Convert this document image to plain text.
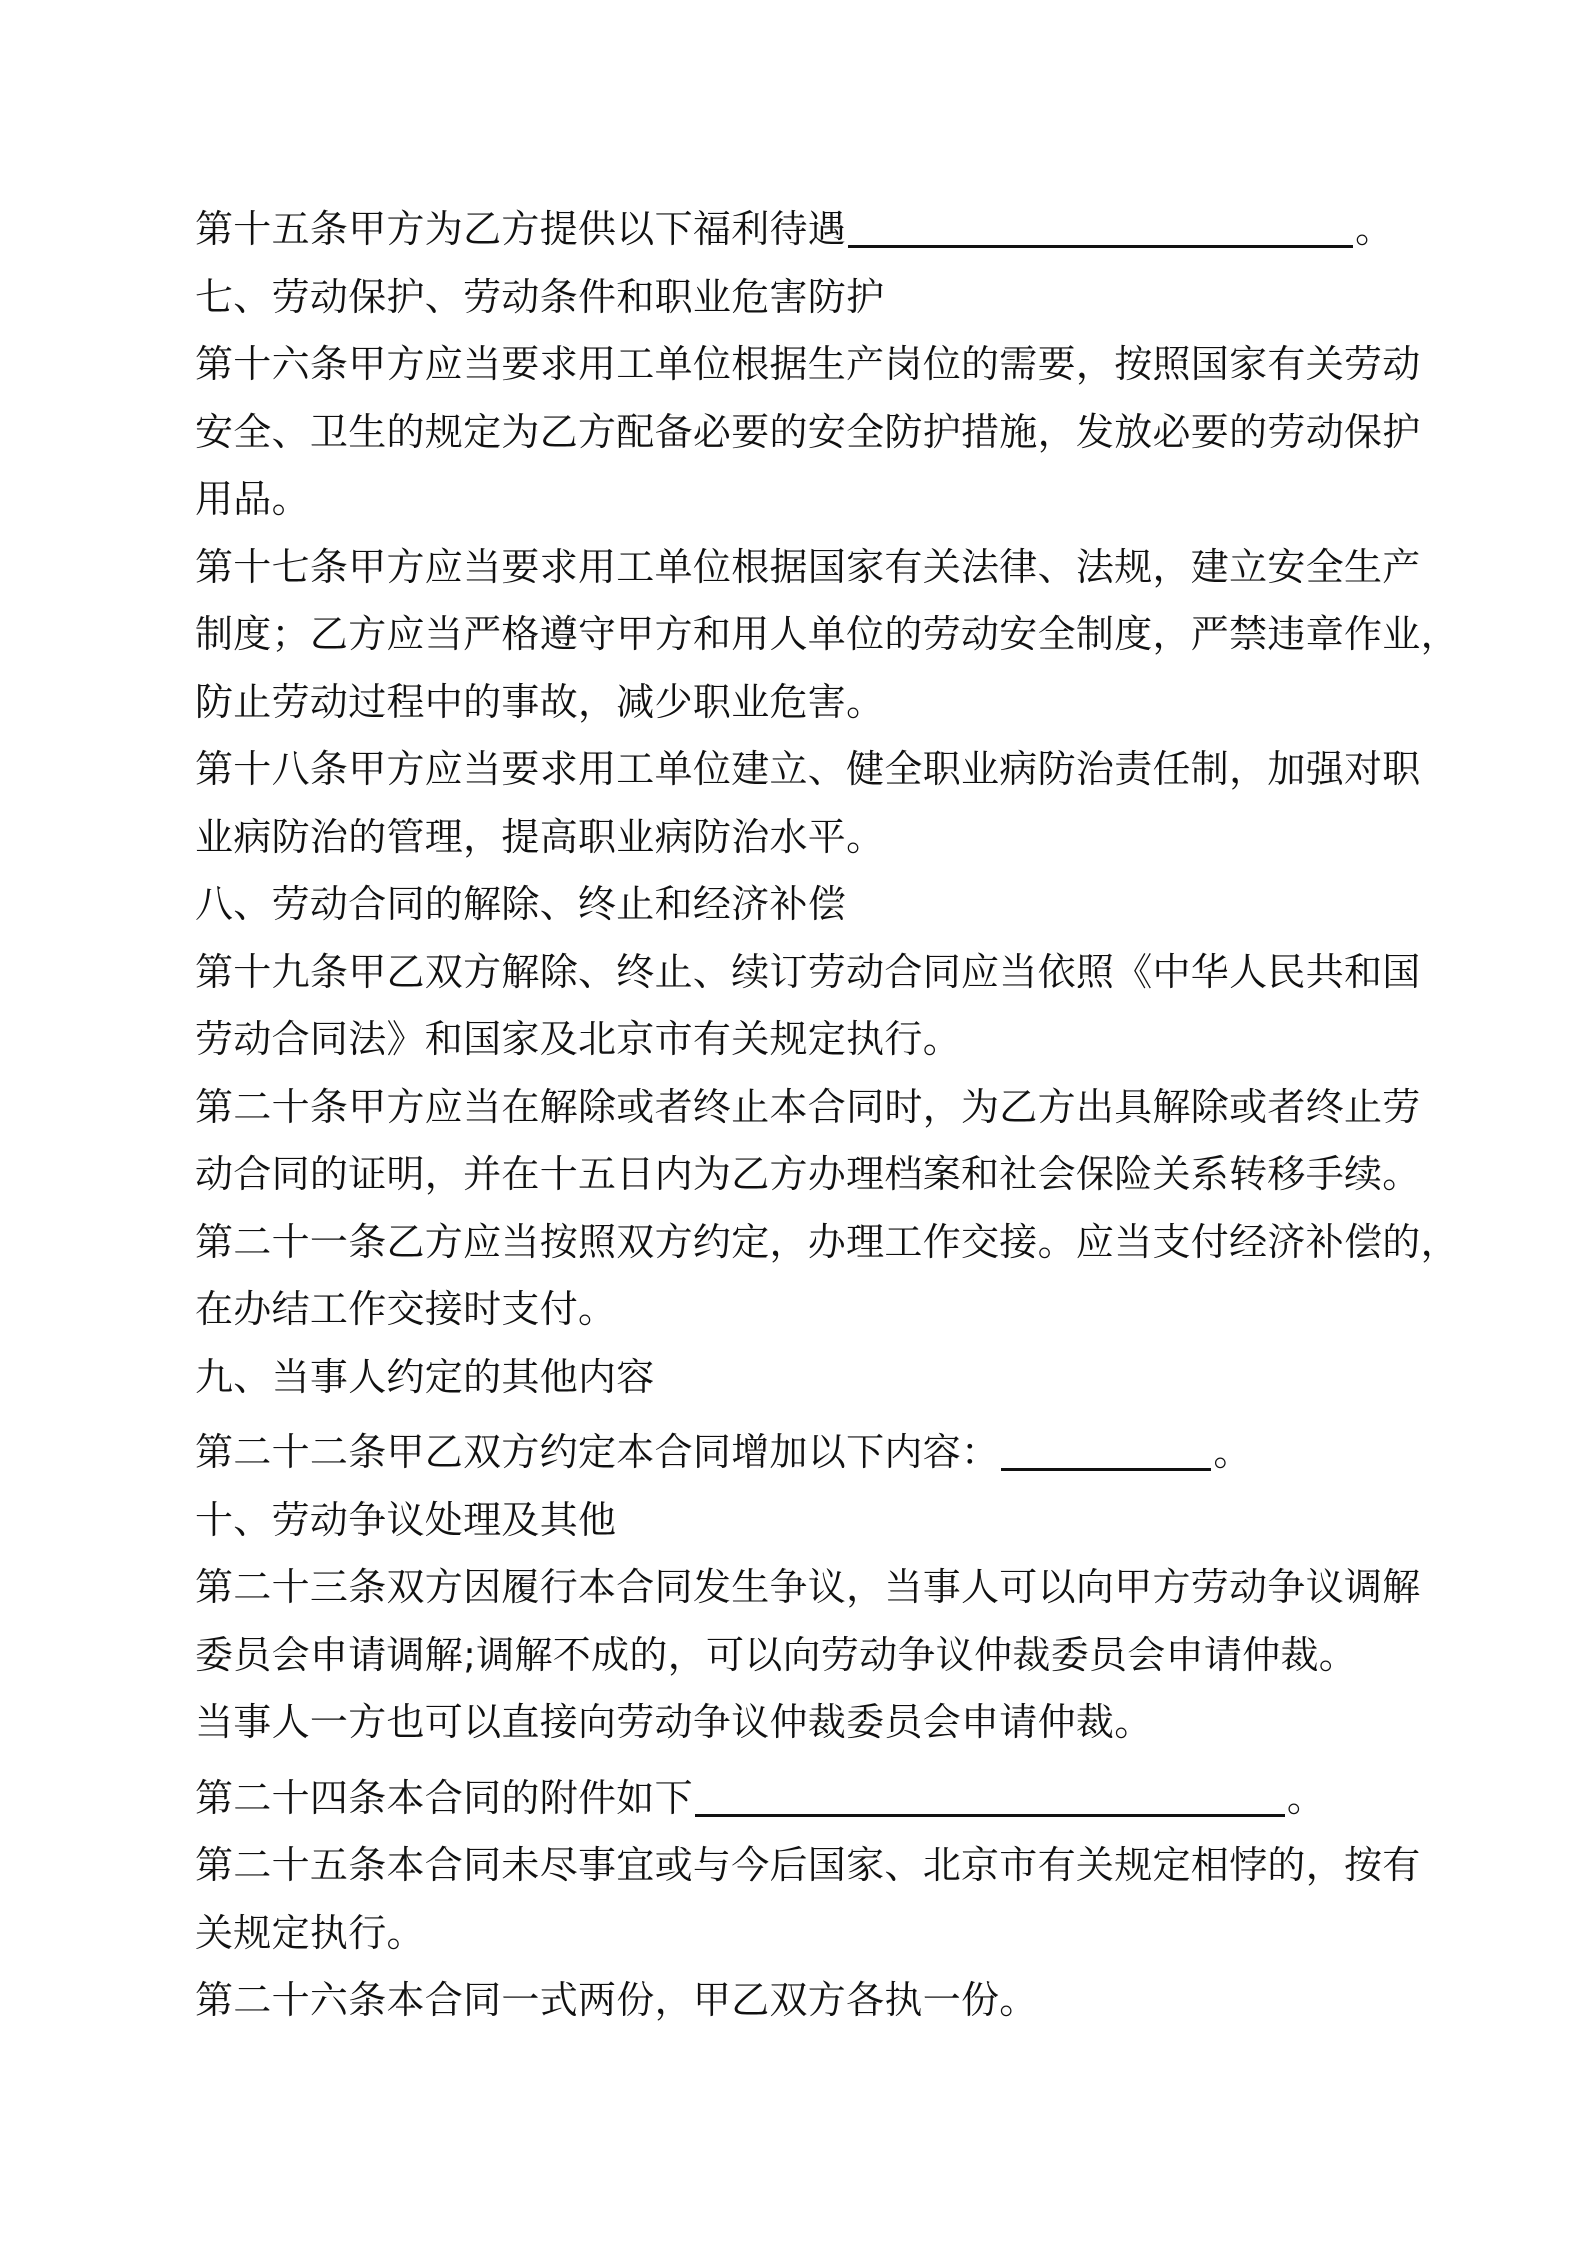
第十五条甲方为乙方提供以下福利待遇	。
七、劳动保护、劳动条件和职业危害防护
第十六条甲方应当要求用工单位根据生产岗位的需要，按照国家有关劳动
安全、卫生的规定为乙方配备必要的安全防护措施，发放必要的劳动保护
用品。
第十七条甲方应当要求用工单位根据国家有关法律、法规，建立安全生产
制度；乙方应当严格遵守甲方和用人单位的劳动安全制度，严禁违章作业，
防止劳动过程中的事故，减少职业危害。
第十八条甲方应当要求用工单位建立、健全职业病防治责任制，加强对职
业病防治的管理，提高职业病防治水平。
八、劳动合同的解除、终止和经济补偿
第十九条甲乙双方解除、终止、续订劳动合同应当依照《中华人民共和国
劳动合同法》和国家及北京市有关规定执行。
第二十条甲方应当在解除或者终止本合同时，为乙方出具解除或者终止劳
动合同的证明，并在十五日内为乙方办理档案和社会保险关系转移手续。
第二十一条乙方应当按照双方约定，办理工作交接。应当支付经济补偿的，
在办结工作交接时支付。
九、当事人约定的其他内容
第二十二条甲乙双方约定本合同增加以下内容：	。
十、劳动争议处理及其他
第二十三条双方因履行本合同发生争议，当事人可以向甲方劳动争议调解
委员会申请调解;调解不成的，可以向劳动争议仲裁委员会申请仲裁。
当事人一方也可以直接向劳动争议仲裁委员会申请仲裁。
第二十四条本合同的附件如下	。
第二十五条本合同未尽事宜或与今后国家、北京市有关规定相悖的，按有
关规定执行。
第二十六条本合同一式两份，甲乙双方各执一份。
